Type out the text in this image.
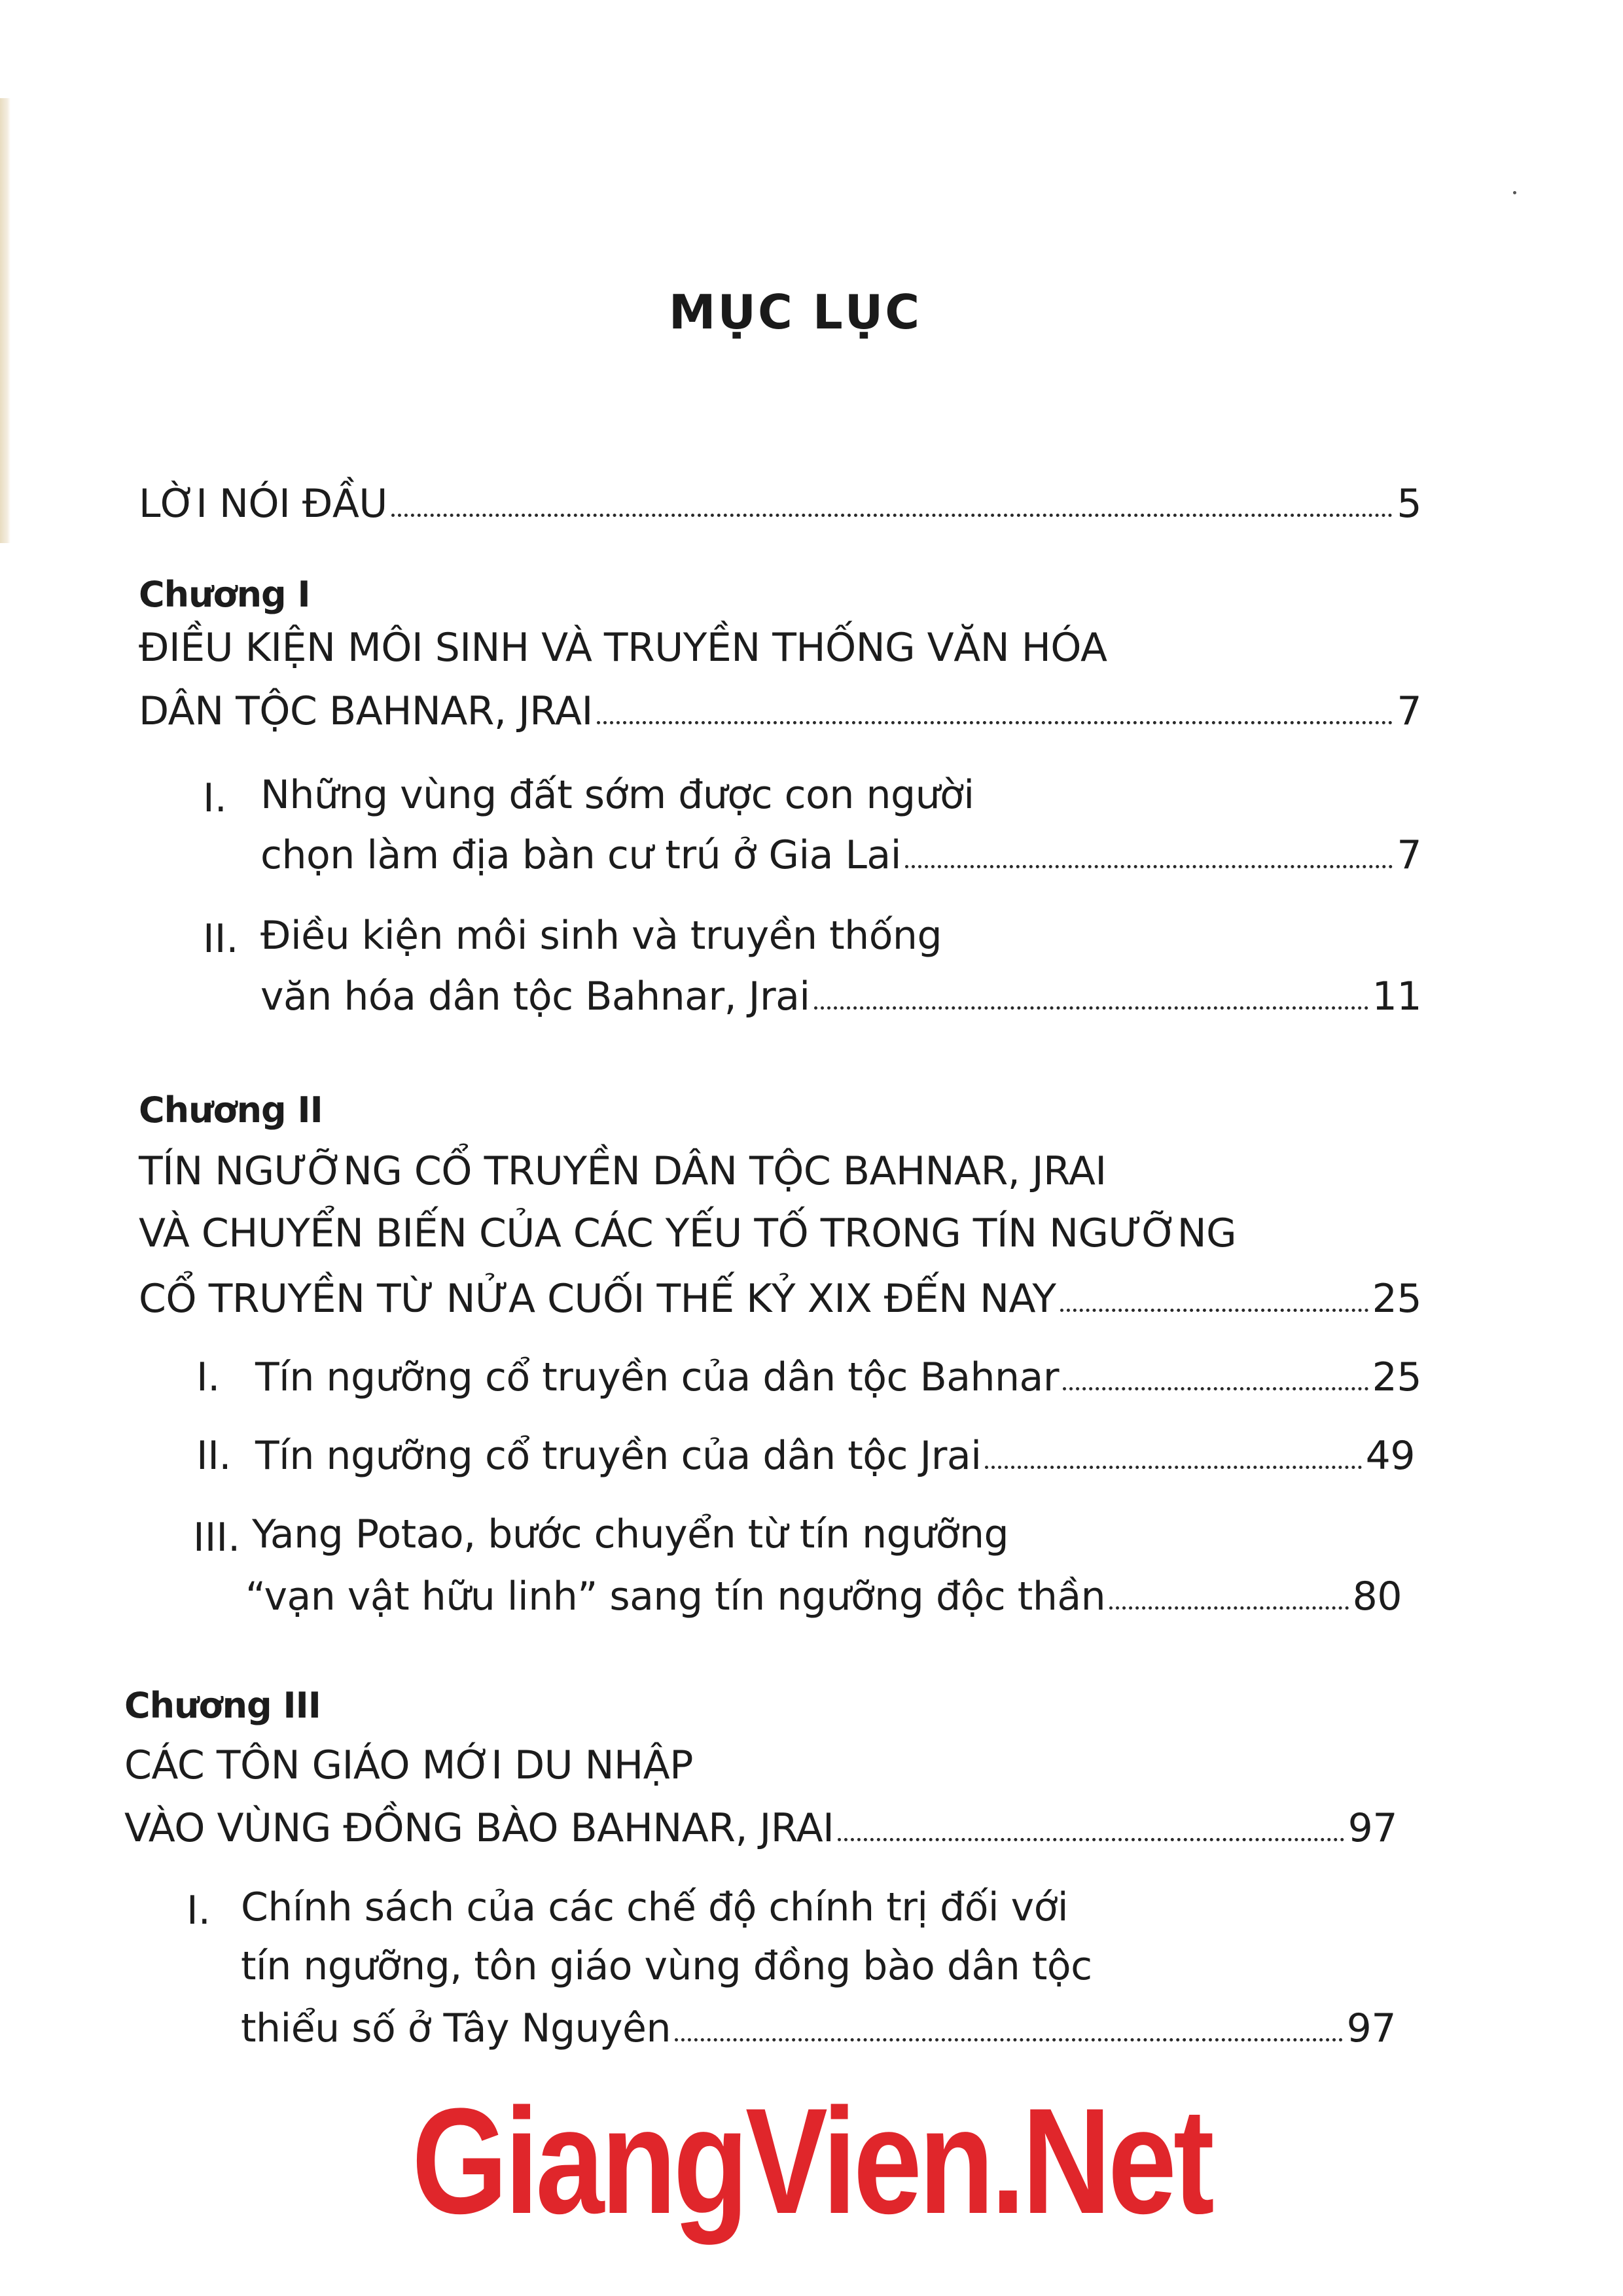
MỤC LỤC
LỜI NÓI ĐẦU	5
Chương I
ĐIỀU KIỆN MÔI SINH VÀ TRUYỀN THỐNG VĂN HÓA
DÂN TỘC BAHNAR, JRAI	7
I. Những vùng đất sớm được con người
chọn làm địa bàn cư trú ở Gia Lai	7
II. Điều kiện môi sinh và truyền thống
văn hóa dân tộc Bahnar, Jrai	11
Chương II
TÍN NGƯỠNG CỔ TRUYỀN DÂN TỘC BAHNAR, JRAI
VÀ CHUYỂN BIẾN CỦA CÁC YẾU TỐ TRONG TÍN NGƯỠNG
CỔ TRUYỀN TỪ NỬA CUỐI THẾ KỶ XIX ĐẾN NAY	25
I. Tín ngưỡng cổ truyền của dân tộc Bahnar	25
II. Tín ngưỡng cổ truyền của dân tộc Jrai	49
III. Yang Potao, bước chuyển từ tín ngưỡng
“vạn vật hữu linh” sang tín ngưỡng độc thần	80
Chương III
CÁC TÔN GIÁO MỚI DU NHẬP
VÀO VÙNG ĐỒNG BÀO BAHNAR, JRAI	97
I. Chính sách của các chế độ chính trị đối với
tín ngưỡng, tôn giáo vùng đồng bào dân tộc
thiểu số ở Tây Nguyên	97
GiangVien.Net
